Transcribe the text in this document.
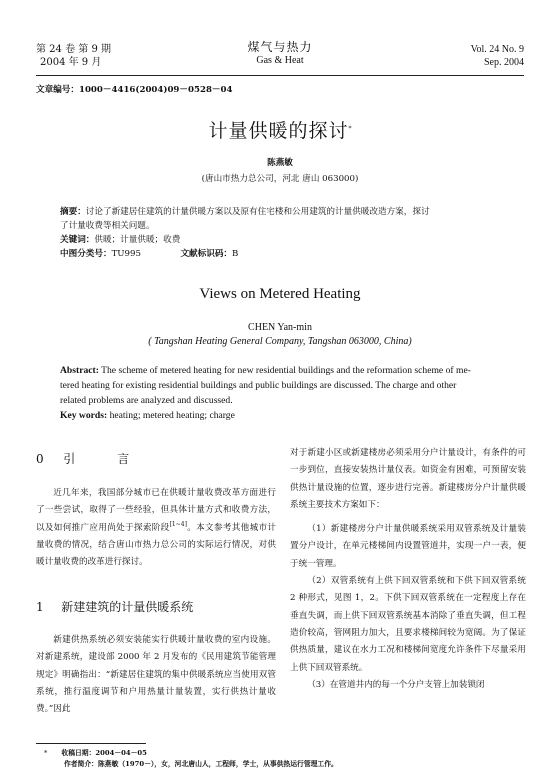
第 24 卷 第 9 期
2004 年 9 月
煤气与热力
Gas & Heat
Vol. 24 No. 9
Sep. 2004
文章编号：1000－4416(2004)09－0528－04
计量供暖的探讨*
陈燕敏
(唐山市热力总公司，河北 唐山 063000)
摘要：讨论了新建居住建筑的计量供暖方案以及原有住宅楼和公用建筑的计量供暖改造方案，探讨
了计量收费等相关问题。
关键词：供暖；计量供暖；收费
中图分类号：TU995	文献标识码：B
Views on Metered Heating
CHEN Yan-min
( Tangshan Heating General Company, Tangshan 063000, China)
Abstract: The scheme of metered heating for new residential buildings and the reformation scheme of me-
tered heating for existing residential buildings and public buildings are discussed. The charge and other
related problems are analyzed and discussed.
Key words: heating; metered heating; charge
0 引　　言
近几年来，我国部分城市已在供暖计量收费改革方面进行了一些尝试，取得了一些经验，但具体计量方式和收费方法，以及如何推广应用尚处于探索阶段[1~4]。本文参考其他城市计量收费的情况，结合唐山市热力总公司的实际运行情况，对供暖计量收费的改革进行探讨。
1 新建建筑的计量供暖系统
新建供热系统必须安装能实行供暖计量收费的室内设施。对新建系统，建设部 2000 年 2 月发布的《民用建筑节能管理规定》明确指出：“新建居住建筑的集中供暖系统应当使用双管系统，推行温度调节和户用热量计量装置，实行供热计量收费。”因此

对于新建小区或新建楼房必须采用分户计量设计，有条件的可一步到位，直接安装热计量仪表。如资金有困难，可预留安装供热计量设施的位置，逐步进行完善。新建楼房分户计量供暖系统主要技术方案如下：

（1）新建楼房分户计量供暖系统采用双管系统及计量装置分户设计，在单元楼梯间内设置管道井，实现一户一表，便于统一管理。

（2）双管系统有上供下回双管系统和下供下回双管系统 2 种形式，见图 1，2。下供下回双管系统在一定程度上存在垂直失调，而上供下回双管系统基本消除了垂直失调，但工程造价较高，管网阻力加大，且要求楼梯间较为宽阔。为了保证供热质量，建议在水力工况和楼梯间宽度允许条件下尽量采用上供下回双管系统。

（3）在管道井内的每一个分户支管上加装锁闭

* 收稿日期：2004－04－05
作者简介：陈燕敏（1970－），女，河北唐山人，工程师，学士，从事供热运行管理工作。
